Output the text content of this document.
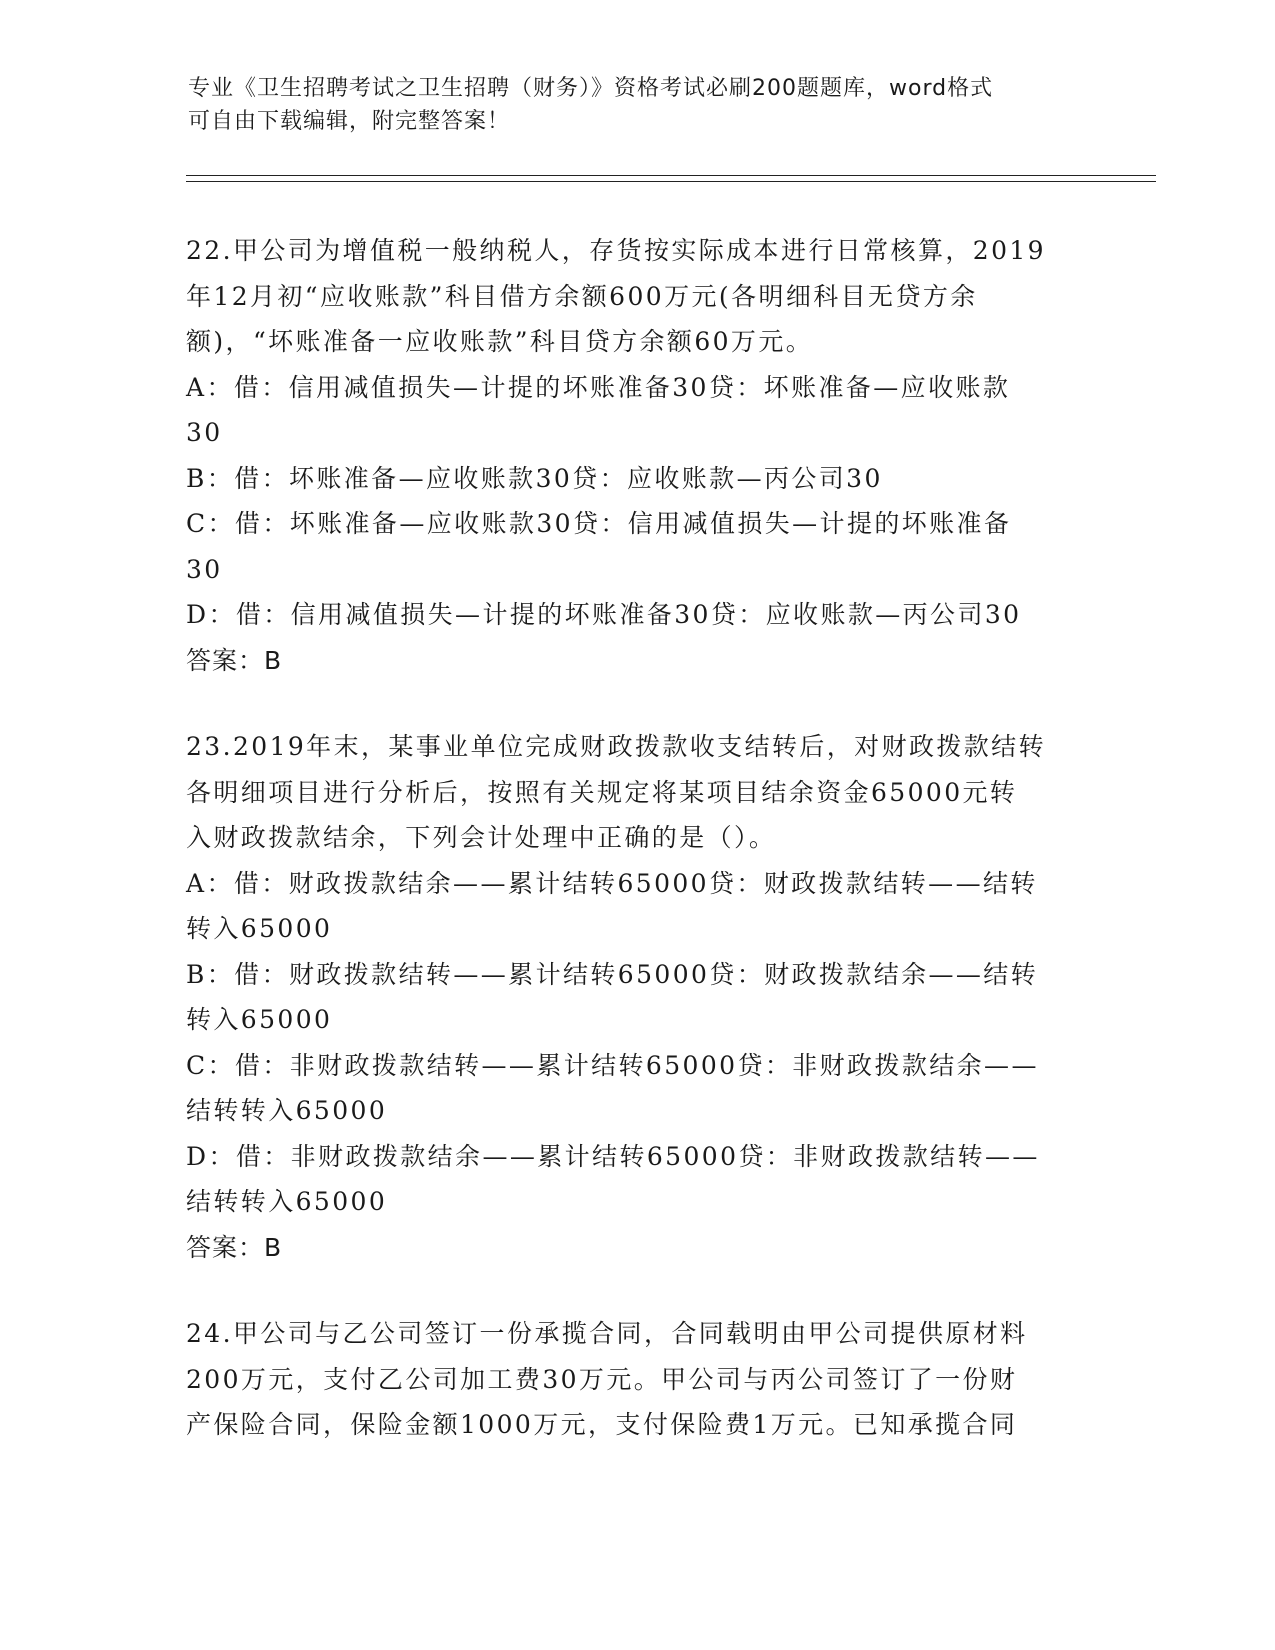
专业《卫生招聘考试之卫生招聘（财务）》资格考试必刷200题题库，word格式
可自由下载编辑，附完整答案！
22.甲公司为增值税一般纳税人，存货按实际成本进行日常核算，2019
年12月初“应收账款”科目借方余额600万元(各明细科目无贷方余
额)，“坏账准备一应收账款”科目贷方余额60万元。
A：借：信用减值损失—计提的坏账准备30贷：坏账准备—应收账款
30
B：借：坏账准备—应收账款30贷：应收账款—丙公司30
C：借：坏账准备—应收账款30贷：信用减值损失—计提的坏账准备
30
D：借：信用减值损失—计提的坏账准备30贷：应收账款—丙公司30
答案：B
23.2019年末，某事业单位完成财政拨款收支结转后，对财政拨款结转
各明细项目进行分析后，按照有关规定将某项目结余资金65000元转
入财政拨款结余，下列会计处理中正确的是（）。
A：借：财政拨款结余——累计结转65000贷：财政拨款结转——结转
转入65000
B：借：财政拨款结转——累计结转65000贷：财政拨款结余——结转
转入65000
C：借：非财政拨款结转——累计结转65000贷：非财政拨款结余——
结转转入65000
D：借：非财政拨款结余——累计结转65000贷：非财政拨款结转——
结转转入65000
答案：B
24.甲公司与乙公司签订一份承揽合同，合同载明由甲公司提供原材料
200万元，支付乙公司加工费30万元。甲公司与丙公司签订了一份财
产保险合同，保险金额1000万元，支付保险费1万元。已知承揽合同
